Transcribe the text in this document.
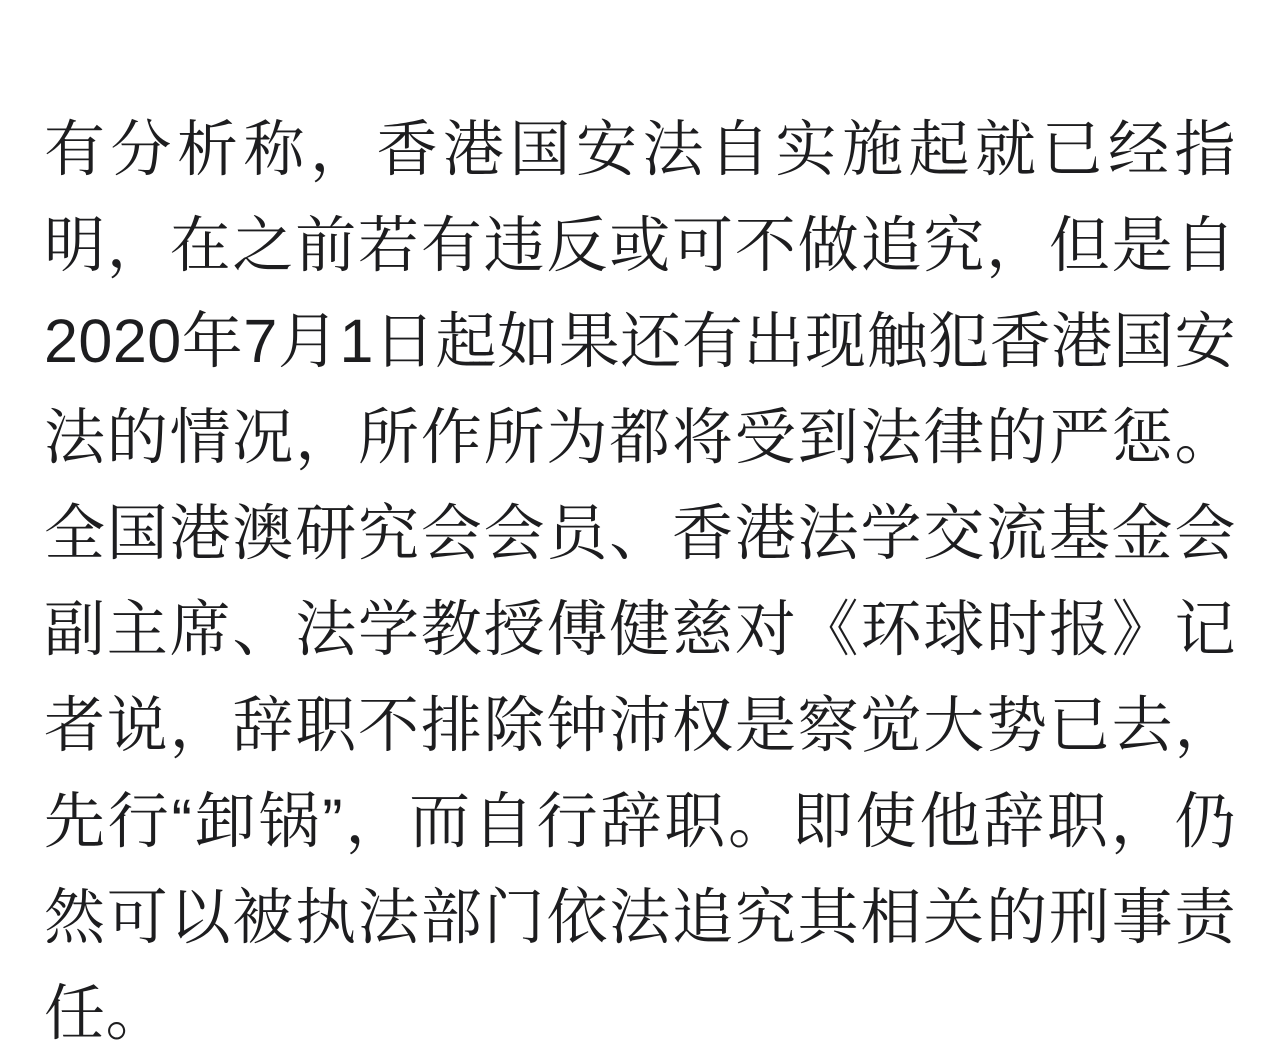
有分析称，香港国安法自实施起就已经指明，在之前若有违反或可不做追究，但是自2020年7月1日起如果还有出现触犯香港国安法的情况，所作所为都将受到法律的严惩。全国港澳研究会会员、香港法学交流基金会副主席、法学教授傅健慈对《环球时报》记者说，辞职不排除钟沛权是察觉大势已去，先行“卸锅”，而自行辞职。即使他辞职，仍然可以被执法部门依法追究其相关的刑事责任。
